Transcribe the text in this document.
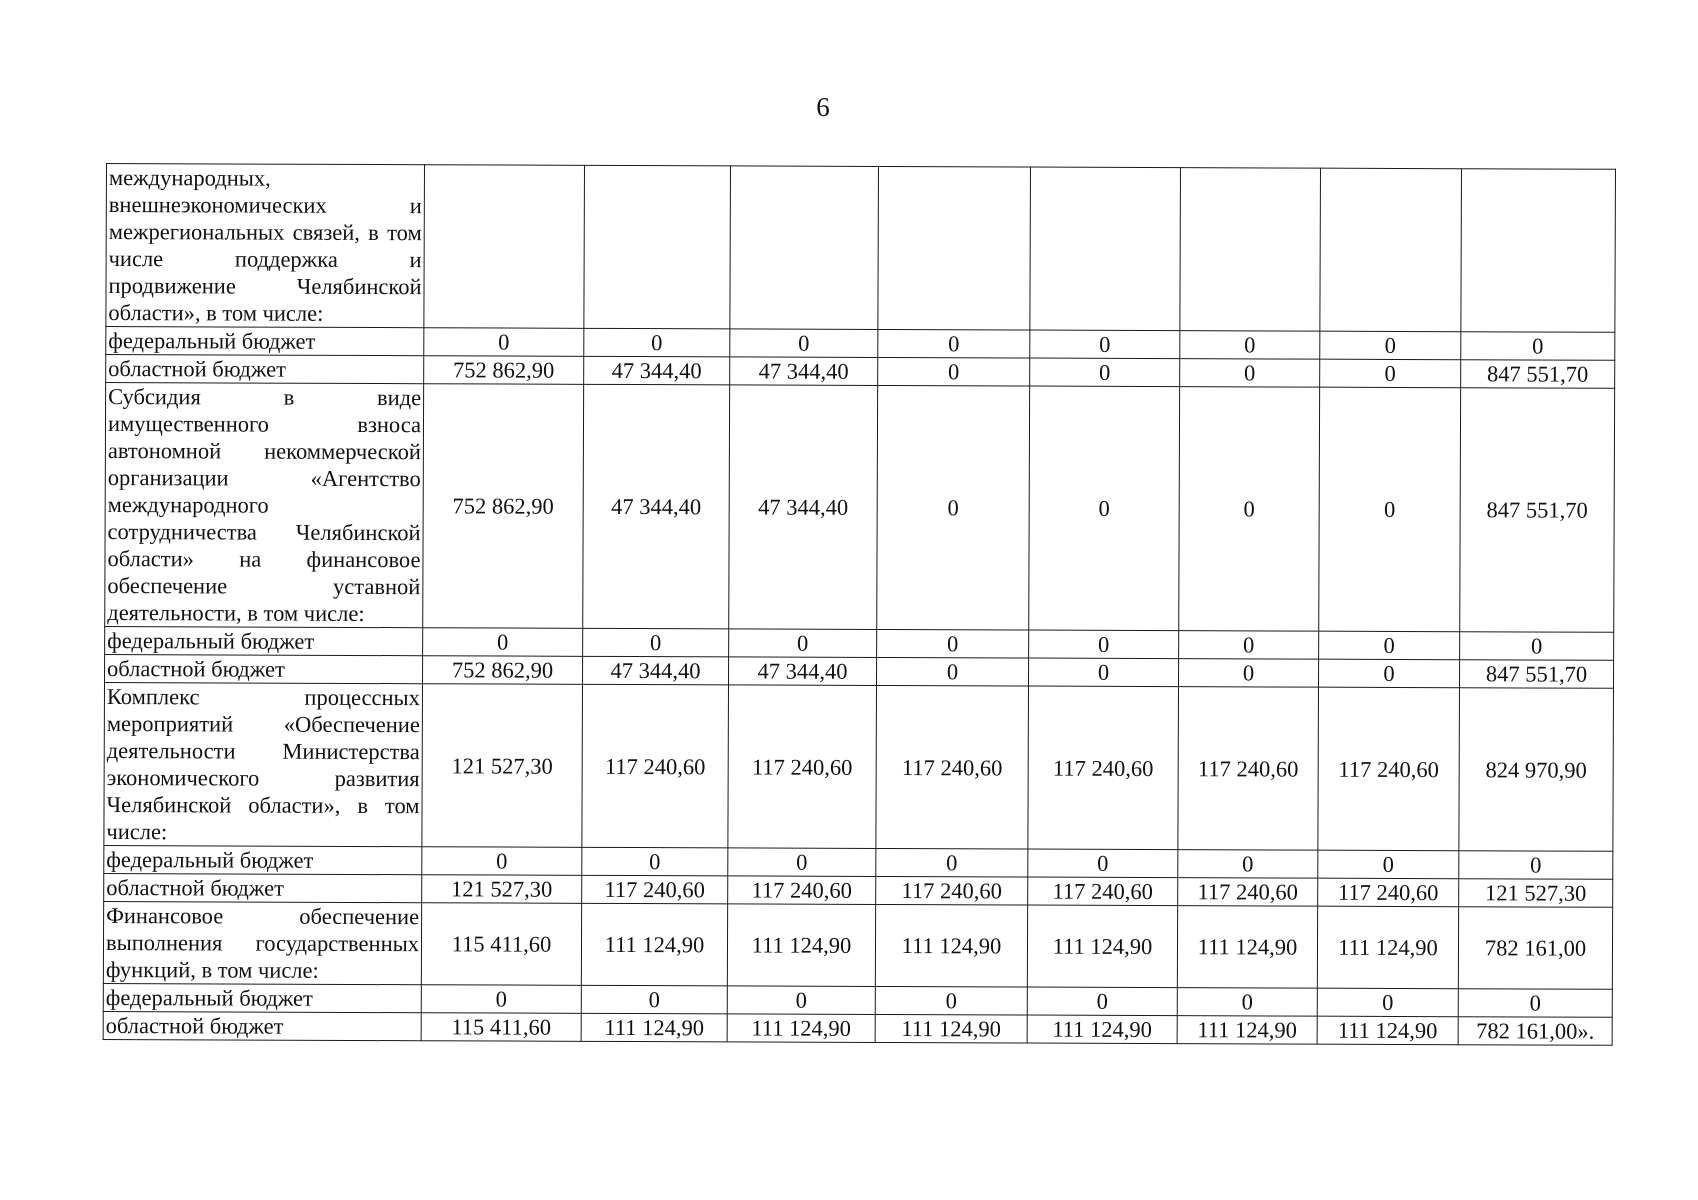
6
международных, внешнеэкономических и межрегиональных связей, в том числе поддержка и продвижение Челябинской области», в том числе:								
федеральный бюджет	0	0	0	0	0	0	0	0
областной бюджет	752 862,90	47 344,40	47 344,40	0	0	0	0	847 551,70
Субсидия в виде имущественного взноса автономной некоммерческой организации «Агентство международного сотрудничества Челябинской области» на финансовое обеспечение уставной деятельности, в том числе:	752 862,90	47 344,40	47 344,40	0	0	0	0	847 551,70
федеральный бюджет	0	0	0	0	0	0	0	0
областной бюджет	752 862,90	47 344,40	47 344,40	0	0	0	0	847 551,70
Комплекс процессных мероприятий «Обеспечение деятельности Министерства экономического развития Челябинской области», в том числе:	121 527,30	117 240,60	117 240,60	117 240,60	117 240,60	117 240,60	117 240,60	824 970,90
федеральный бюджет	0	0	0	0	0	0	0	0
областной бюджет	121 527,30	117 240,60	117 240,60	117 240,60	117 240,60	117 240,60	117 240,60	121 527,30
Финансовое обеспечение выполнения государственных функций, в том числе:	115 411,60	111 124,90	111 124,90	111 124,90	111 124,90	111 124,90	111 124,90	782 161,00
федеральный бюджет	0	0	0	0	0	0	0	0
областной бюджет	115 411,60	111 124,90	111 124,90	111 124,90	111 124,90	111 124,90	111 124,90	782 161,00».
